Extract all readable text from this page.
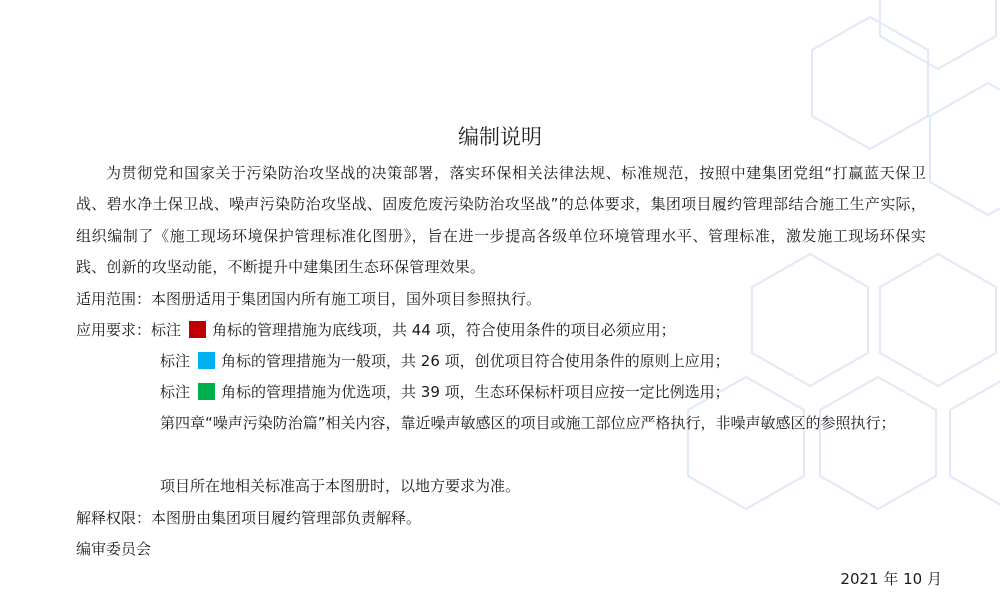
编制说明
为贯彻党和国家关于污染防治攻坚战的决策部署，落实环保相关法律法规、标准规范，按照中建集团党组“打赢蓝天保卫战、碧水净土保卫战、噪声污染防治攻坚战、固废危废污染防治攻坚战”的总体要求，集团项目履约管理部结合施工生产实际，组织编制了《施工现场环境保护管理标准化图册》，旨在进一步提高各级单位环境管理水平、管理标准，激发施工现场环保实践、创新的攻坚动能，不断提升中建集团生态环保管理效果。
适用范围：本图册适用于集团国内所有施工项目，国外项目参照执行。
应用要求：标注 角标的管理措施为底线项，共 44 项，符合使用条件的项目必须应用；
标注 角标的管理措施为一般项，共 26 项，创优项目符合使用条件的原则上应用；
标注 角标的管理措施为优选项，共 39 项，生态环保标杆项目应按一定比例选用；
第四章“噪声污染防治篇”相关内容，靠近噪声敏感区的项目或施工部位应严格执行，非噪声敏感区的参照执行；
项目所在地相关标准高于本图册时，以地方要求为准。
解释权限：本图册由集团项目履约管理部负责解释。
编审委员会
2021 年 10 月
